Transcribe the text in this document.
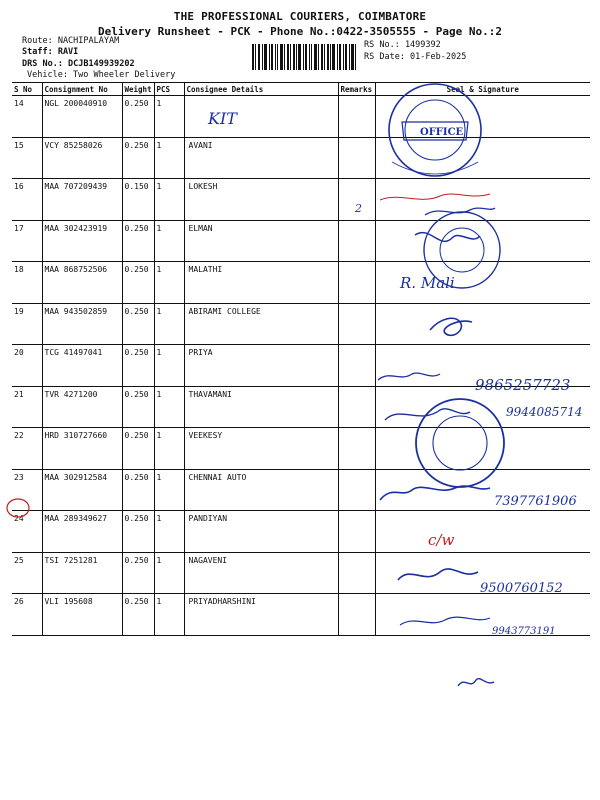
THE PROFESSIONAL COURIERS, COIMBATORE
Delivery Runsheet - PCK - Phone No.:0422-3505555 - Page No.:2
Route: NACHIPALAYAM
Staff: RAVI
DRS No.: DCJB149939202
Vehicle: Two Wheeler Delivery
RS No.: 1499392
RS Date: 01-Feb-2025
S No	Consignment No	Weight	PCS	Consignee Details	Remarks	Seal & Signature
14	NGL 200040910	0.250	1			
15	VCY 85258026	0.250	1	AVANI		
16	MAA 707209439	0.150	1	LOKESH		
17	MAA 302423919	0.250	1	ELMAN		
18	MAA 868752506	0.250	1	MALATHI		
19	MAA 943502859	0.250	1	ABIRAMI COLLEGE		
20	TCG 41497041	0.250	1	PRIYA		
21	TVR 4271200	0.250	1	THAVAMANI		
22	HRD 310727660	0.250	1	VEEKESY		
23	MAA 302912584	0.250	1	CHENNAI AUTO		
24	MAA 289349627	0.250	1	PANDIYAN		
25	TSI 7251281	0.250	1	NAGAVENI		
26	VLI 195608	0.250	1	PRIYADHARSHINI		
OFFICE
KIT
2
R. Mali
9865257723
9944085714
7397761906
c/w
9500760152
9943773191
